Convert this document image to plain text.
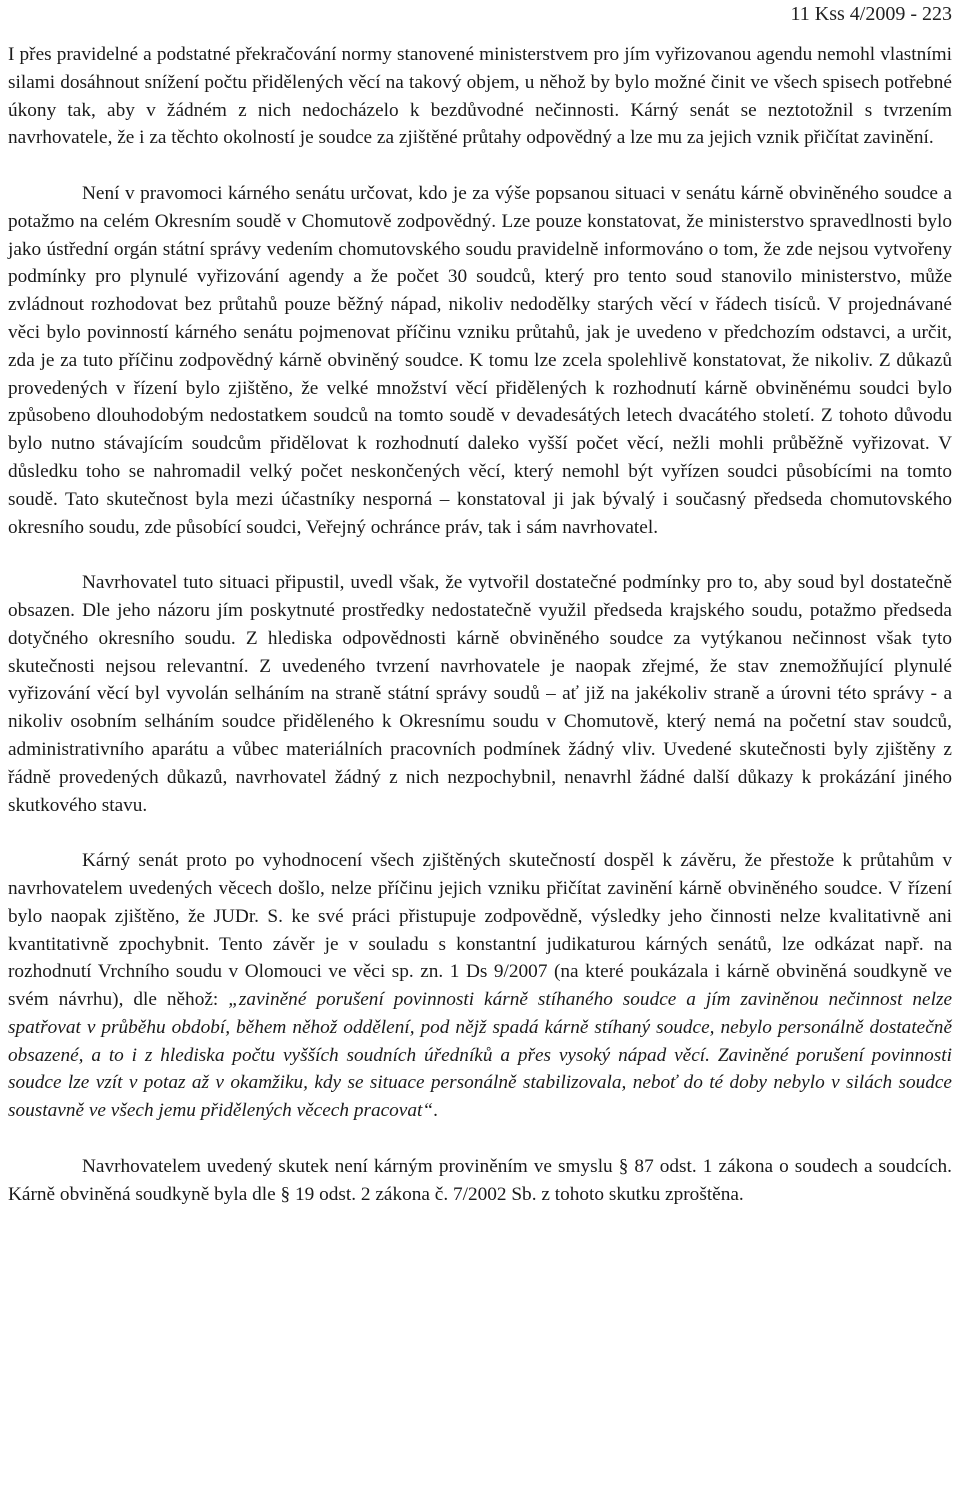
11 Kss 4/2009 - 223

I přes pravidelné a podstatné překračování normy stanovené ministerstvem pro jím vyřizovanou agendu nemohl vlastními silami dosáhnout snížení počtu přidělených věcí na takový objem, u něhož by bylo možné činit ve všech spisech potřebné úkony tak, aby v žádném z nich nedocházelo k bezdůvodné nečinnosti. Kárný senát se neztotožnil s tvrzením navrhovatele, že i za těchto okolností je soudce za zjištěné průtahy odpovědný a lze mu za jejich vznik přičítat zavinění.

Není v pravomoci kárného senátu určovat, kdo je za výše popsanou situaci v senátu kárně obviněného soudce a potažmo na celém Okresním soudě v Chomutově zodpovědný. Lze pouze konstatovat, že ministerstvo spravedlnosti bylo jako ústřední orgán státní správy vedením chomutovského soudu pravidelně informováno o tom, že zde nejsou vytvořeny podmínky pro plynulé vyřizování agendy a že počet 30 soudců, který pro tento soud stanovilo ministerstvo, může zvládnout rozhodovat bez průtahů pouze běžný nápad, nikoliv nedodělky starých věcí v řádech tisíců. V projednávané věci bylo povinností kárného senátu pojmenovat příčinu vzniku průtahů, jak je uvedeno v předchozím odstavci, a určit, zda je za tuto příčinu zodpovědný kárně obviněný soudce. K tomu lze zcela spolehlivě konstatovat, že nikoliv. Z důkazů provedených v řízení bylo zjištěno, že velké množství věcí přidělených k rozhodnutí kárně obviněnému soudci bylo způsobeno dlouhodobým nedostatkem soudců na tomto soudě v devadesátých letech dvacátého století. Z tohoto důvodu bylo nutno stávajícím soudcům přidělovat k rozhodnutí daleko vyšší počet věcí, nežli mohli průběžně vyřizovat. V důsledku toho se nahromadil velký počet neskončených věcí, který nemohl být vyřízen soudci působícími na tomto soudě. Tato skutečnost byla mezi účastníky nesporná – konstatoval ji jak bývalý i současný předseda chomutovského okresního soudu, zde působící soudci, Veřejný ochránce práv, tak i sám navrhovatel.

Navrhovatel tuto situaci připustil, uvedl však, že vytvořil dostatečné podmínky pro to, aby soud byl dostatečně obsazen. Dle jeho názoru jím poskytnuté prostředky nedostatečně využil předseda krajského soudu, potažmo předseda dotyčného okresního soudu. Z hlediska odpovědnosti kárně obviněného soudce za vytýkanou nečinnost však tyto skutečnosti nejsou relevantní. Z uvedeného tvrzení navrhovatele je naopak zřejmé, že stav znemožňující plynulé vyřizování věcí byl vyvolán selháním na straně státní správy soudů – ať již na jakékoliv straně a úrovni této správy - a nikoliv osobním selháním soudce přiděleného k Okresnímu soudu v Chomutově, který nemá na početní stav soudců, administrativního aparátu a vůbec materiálních pracovních podmínek žádný vliv. Uvedené skutečnosti byly zjištěny z řádně provedených důkazů, navrhovatel žádný z nich nezpochybnil, nenavrhl žádné další důkazy k prokázání jiného skutkového stavu.

Kárný senát proto po vyhodnocení všech zjištěných skutečností dospěl k závěru, že přestože k průtahům v navrhovatelem uvedených věcech došlo, nelze příčinu jejich vzniku přičítat zavinění kárně obviněného soudce. V řízení bylo naopak zjištěno, že JUDr. S. ke své práci přistupuje zodpovědně, výsledky jeho činnosti nelze kvalitativně ani kvantitativně zpochybnit. Tento závěr je v souladu s konstantní judikaturou kárných senátů, lze odkázat např. na rozhodnutí Vrchního soudu v Olomouci ve věci sp. zn. 1 Ds 9/2007 (na které poukázala i kárně obviněná soudkyně ve svém návrhu), dle něhož: „zaviněné porušení povinnosti kárně stíhaného soudce a jím zaviněnou nečinnost nelze spatřovat v průběhu období, během něhož oddělení, pod nějž spadá kárně stíhaný soudce, nebylo personálně dostatečně obsazené, a to i z hlediska počtu vyšších soudních úředníků a přes vysoký nápad věcí. Zaviněné porušení povinnosti soudce lze vzít v potaz až v okamžiku, kdy se situace personálně stabilizovala, neboť do té doby nebylo v silách soudce soustavně ve všech jemu přidělených věcech pracovat“.

Navrhovatelem uvedený skutek není kárným proviněním ve smyslu § 87 odst. 1 zákona o soudech a soudcích. Kárně obviněná soudkyně byla dle § 19 odst. 2 zákona č. 7/2002 Sb. z tohoto skutku zproštěna.
